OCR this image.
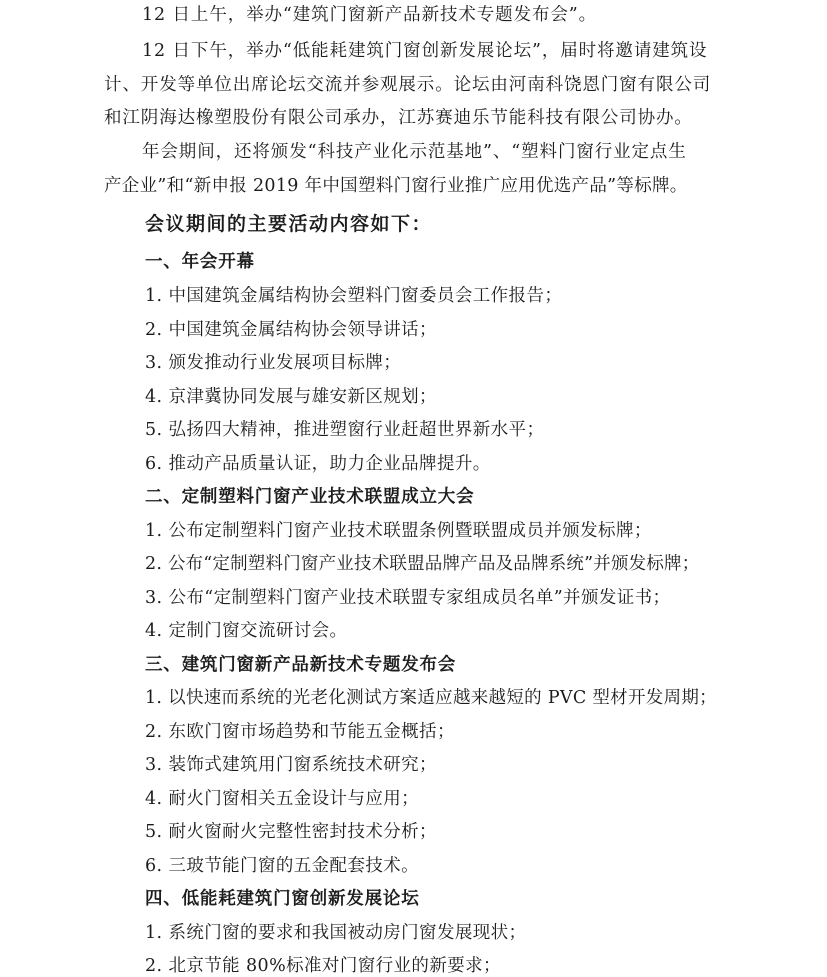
12 日上午，举办“建筑门窗新产品新技术专题发布会”。
12 日下午，举办“低能耗建筑门窗创新发展论坛”，届时将邀请建筑设
计、开发等单位出席论坛交流并参观展示。论坛由河南科饶恩门窗有限公司
和江阴海达橡塑股份有限公司承办，江苏赛迪乐节能科技有限公司协办。
年会期间，还将颁发“科技产业化示范基地”、“塑料门窗行业定点生
产企业”和“新申报 2019 年中国塑料门窗行业推广应用优选产品”等标牌。
会议期间的主要活动内容如下：
一、年会开幕
1. 中国建筑金属结构协会塑料门窗委员会工作报告；
2. 中国建筑金属结构协会领导讲话；
3. 颁发推动行业发展项目标牌；
4. 京津冀协同发展与雄安新区规划；
5. 弘扬四大精神，推进塑窗行业赶超世界新水平；
6. 推动产品质量认证，助力企业品牌提升。
二、定制塑料门窗产业技术联盟成立大会
1. 公布定制塑料门窗产业技术联盟条例暨联盟成员并颁发标牌；
2. 公布“定制塑料门窗产业技术联盟品牌产品及品牌系统”并颁发标牌；
3. 公布“定制塑料门窗产业技术联盟专家组成员名单”并颁发证书；
4. 定制门窗交流研讨会。
三、建筑门窗新产品新技术专题发布会
1. 以快速而系统的光老化测试方案适应越来越短的 PVC 型材开发周期；
2. 东欧门窗市场趋势和节能五金概括；
3. 装饰式建筑用门窗系统技术研究；
4. 耐火门窗相关五金设计与应用；
5. 耐火窗耐火完整性密封技术分析；
6. 三玻节能门窗的五金配套技术。
四、低能耗建筑门窗创新发展论坛
1. 系统门窗的要求和我国被动房门窗发展现状；
2. 北京节能 80%标准对门窗行业的新要求；
